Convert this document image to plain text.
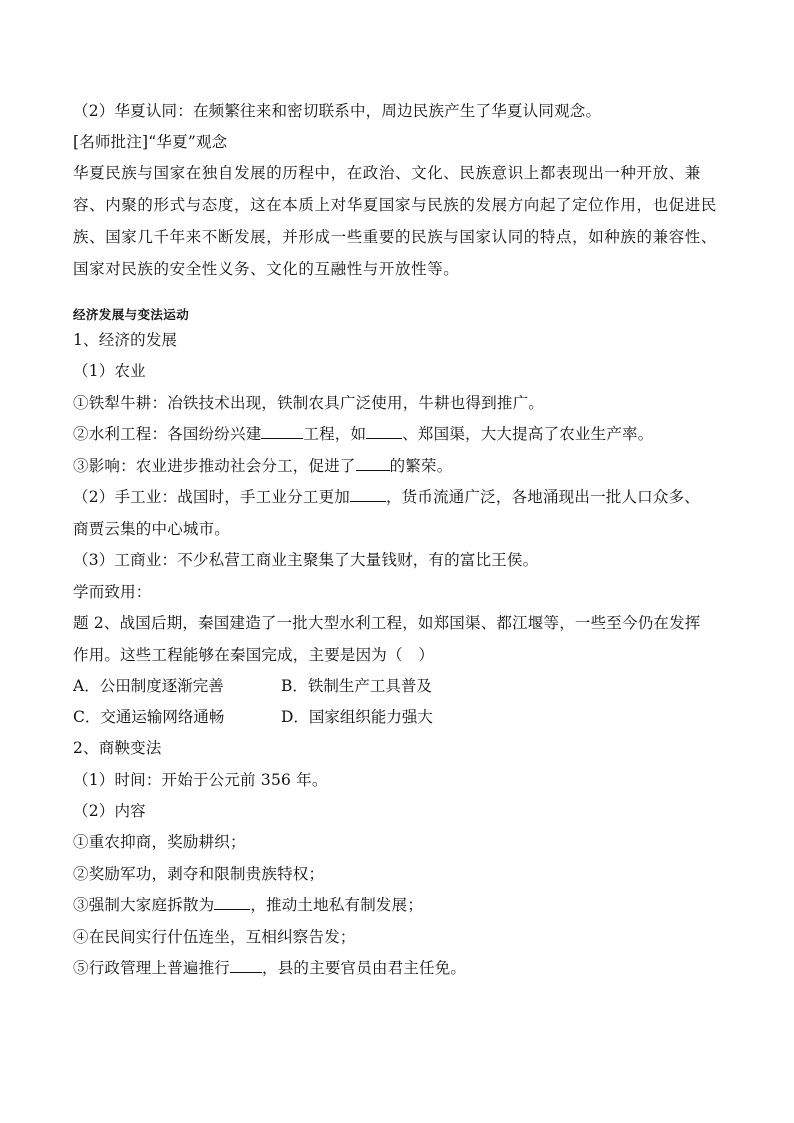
（2）华夏认同：在频繁往来和密切联系中，周边民族产生了华夏认同观念。
[名师批注]“华夏”观念
华夏民族与国家在独自发展的历程中，在政治、文化、民族意识上都表现出一种开放、兼
容、内聚的形式与态度，这在本质上对华夏国家与民族的发展方向起了定位作用，也促进民
族、国家几千年来不断发展，并形成一些重要的民族与国家认同的特点，如种族的兼容性、
国家对民族的安全性义务、文化的互融性与开放性等。
经济发展与变法运动
1、经济的发展
（1）农业
①铁犁牛耕：冶铁技术出现，铁制农具广泛使用，牛耕也得到推广。
②水利工程：各国纷纷兴建	工程，如 、郑国渠，大大提高了农业生产率。
③影响：农业进步推动社会分工，促进了 的繁荣。
（2）手工业：战国时，手工业分工更加 ，货币流通广泛，各地涌现出一批人口众多、
商贾云集的中心城市。
（3）工商业：不少私营工商业主聚集了大量钱财，有的富比王侯。
学而致用：
题 2、战国后期，秦国建造了一批大型水利工程，如郑国渠、都江堰等，一些至今仍在发挥
作用。这些工程能够在秦国完成，主要是因为（　）
A．公田制度逐渐完善	B．铁制生产工具普及
C．交通运输网络通畅	D．国家组织能力强大
2、商鞅变法
（1）时间：开始于公元前 356 年。
（2）内容
①重农抑商，奖励耕织；
②奖励军功，剥夺和限制贵族特权；
③强制大家庭拆散为 ，推动土地私有制发展；
④在民间实行什伍连坐，互相纠察告发；
⑤行政管理上普遍推行 ，县的主要官员由君主任免。
